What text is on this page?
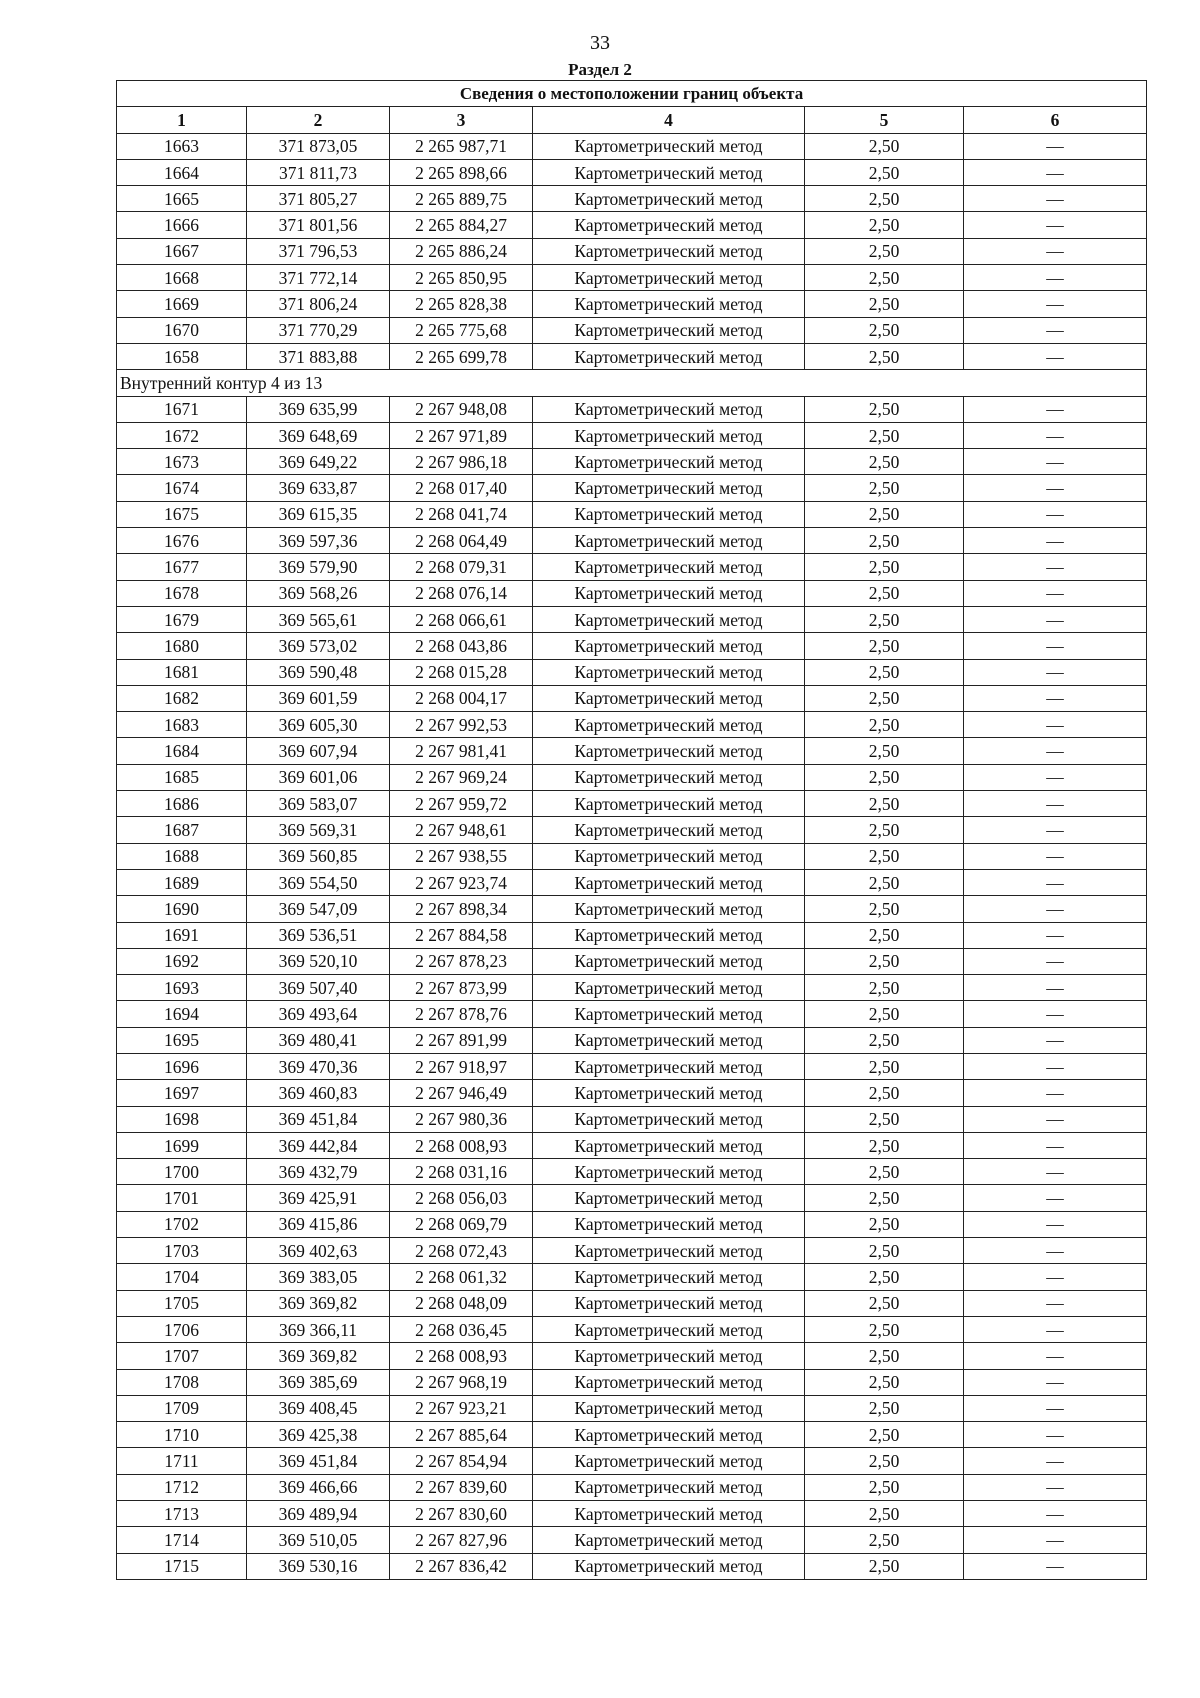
33
Раздел 2
Сведения о местоположении границ объекта					
1	2	3	4	5	6
1663	371 873,05	2 265 987,71	Картометрический метод	2,50	—
1664	371 811,73	2 265 898,66	Картометрический метод	2,50	—
1665	371 805,27	2 265 889,75	Картометрический метод	2,50	—
1666	371 801,56	2 265 884,27	Картометрический метод	2,50	—
1667	371 796,53	2 265 886,24	Картометрический метод	2,50	—
1668	371 772,14	2 265 850,95	Картометрический метод	2,50	—
1669	371 806,24	2 265 828,38	Картометрический метод	2,50	—
1670	371 770,29	2 265 775,68	Картометрический метод	2,50	—
1658	371 883,88	2 265 699,78	Картометрический метод	2,50	—
Внутренний контур 4 из 13					
1671	369 635,99	2 267 948,08	Картометрический метод	2,50	—
1672	369 648,69	2 267 971,89	Картометрический метод	2,50	—
1673	369 649,22	2 267 986,18	Картометрический метод	2,50	—
1674	369 633,87	2 268 017,40	Картометрический метод	2,50	—
1675	369 615,35	2 268 041,74	Картометрический метод	2,50	—
1676	369 597,36	2 268 064,49	Картометрический метод	2,50	—
1677	369 579,90	2 268 079,31	Картометрический метод	2,50	—
1678	369 568,26	2 268 076,14	Картометрический метод	2,50	—
1679	369 565,61	2 268 066,61	Картометрический метод	2,50	—
1680	369 573,02	2 268 043,86	Картометрический метод	2,50	—
1681	369 590,48	2 268 015,28	Картометрический метод	2,50	—
1682	369 601,59	2 268 004,17	Картометрический метод	2,50	—
1683	369 605,30	2 267 992,53	Картометрический метод	2,50	—
1684	369 607,94	2 267 981,41	Картометрический метод	2,50	—
1685	369 601,06	2 267 969,24	Картометрический метод	2,50	—
1686	369 583,07	2 267 959,72	Картометрический метод	2,50	—
1687	369 569,31	2 267 948,61	Картометрический метод	2,50	—
1688	369 560,85	2 267 938,55	Картометрический метод	2,50	—
1689	369 554,50	2 267 923,74	Картометрический метод	2,50	—
1690	369 547,09	2 267 898,34	Картометрический метод	2,50	—
1691	369 536,51	2 267 884,58	Картометрический метод	2,50	—
1692	369 520,10	2 267 878,23	Картометрический метод	2,50	—
1693	369 507,40	2 267 873,99	Картометрический метод	2,50	—
1694	369 493,64	2 267 878,76	Картометрический метод	2,50	—
1695	369 480,41	2 267 891,99	Картометрический метод	2,50	—
1696	369 470,36	2 267 918,97	Картометрический метод	2,50	—
1697	369 460,83	2 267 946,49	Картометрический метод	2,50	—
1698	369 451,84	2 267 980,36	Картометрический метод	2,50	—
1699	369 442,84	2 268 008,93	Картометрический метод	2,50	—
1700	369 432,79	2 268 031,16	Картометрический метод	2,50	—
1701	369 425,91	2 268 056,03	Картометрический метод	2,50	—
1702	369 415,86	2 268 069,79	Картометрический метод	2,50	—
1703	369 402,63	2 268 072,43	Картометрический метод	2,50	—
1704	369 383,05	2 268 061,32	Картометрический метод	2,50	—
1705	369 369,82	2 268 048,09	Картометрический метод	2,50	—
1706	369 366,11	2 268 036,45	Картометрический метод	2,50	—
1707	369 369,82	2 268 008,93	Картометрический метод	2,50	—
1708	369 385,69	2 267 968,19	Картометрический метод	2,50	—
1709	369 408,45	2 267 923,21	Картометрический метод	2,50	—
1710	369 425,38	2 267 885,64	Картометрический метод	2,50	—
1711	369 451,84	2 267 854,94	Картометрический метод	2,50	—
1712	369 466,66	2 267 839,60	Картометрический метод	2,50	—
1713	369 489,94	2 267 830,60	Картометрический метод	2,50	—
1714	369 510,05	2 267 827,96	Картометрический метод	2,50	—
1715	369 530,16	2 267 836,42	Картометрический метод	2,50	—
